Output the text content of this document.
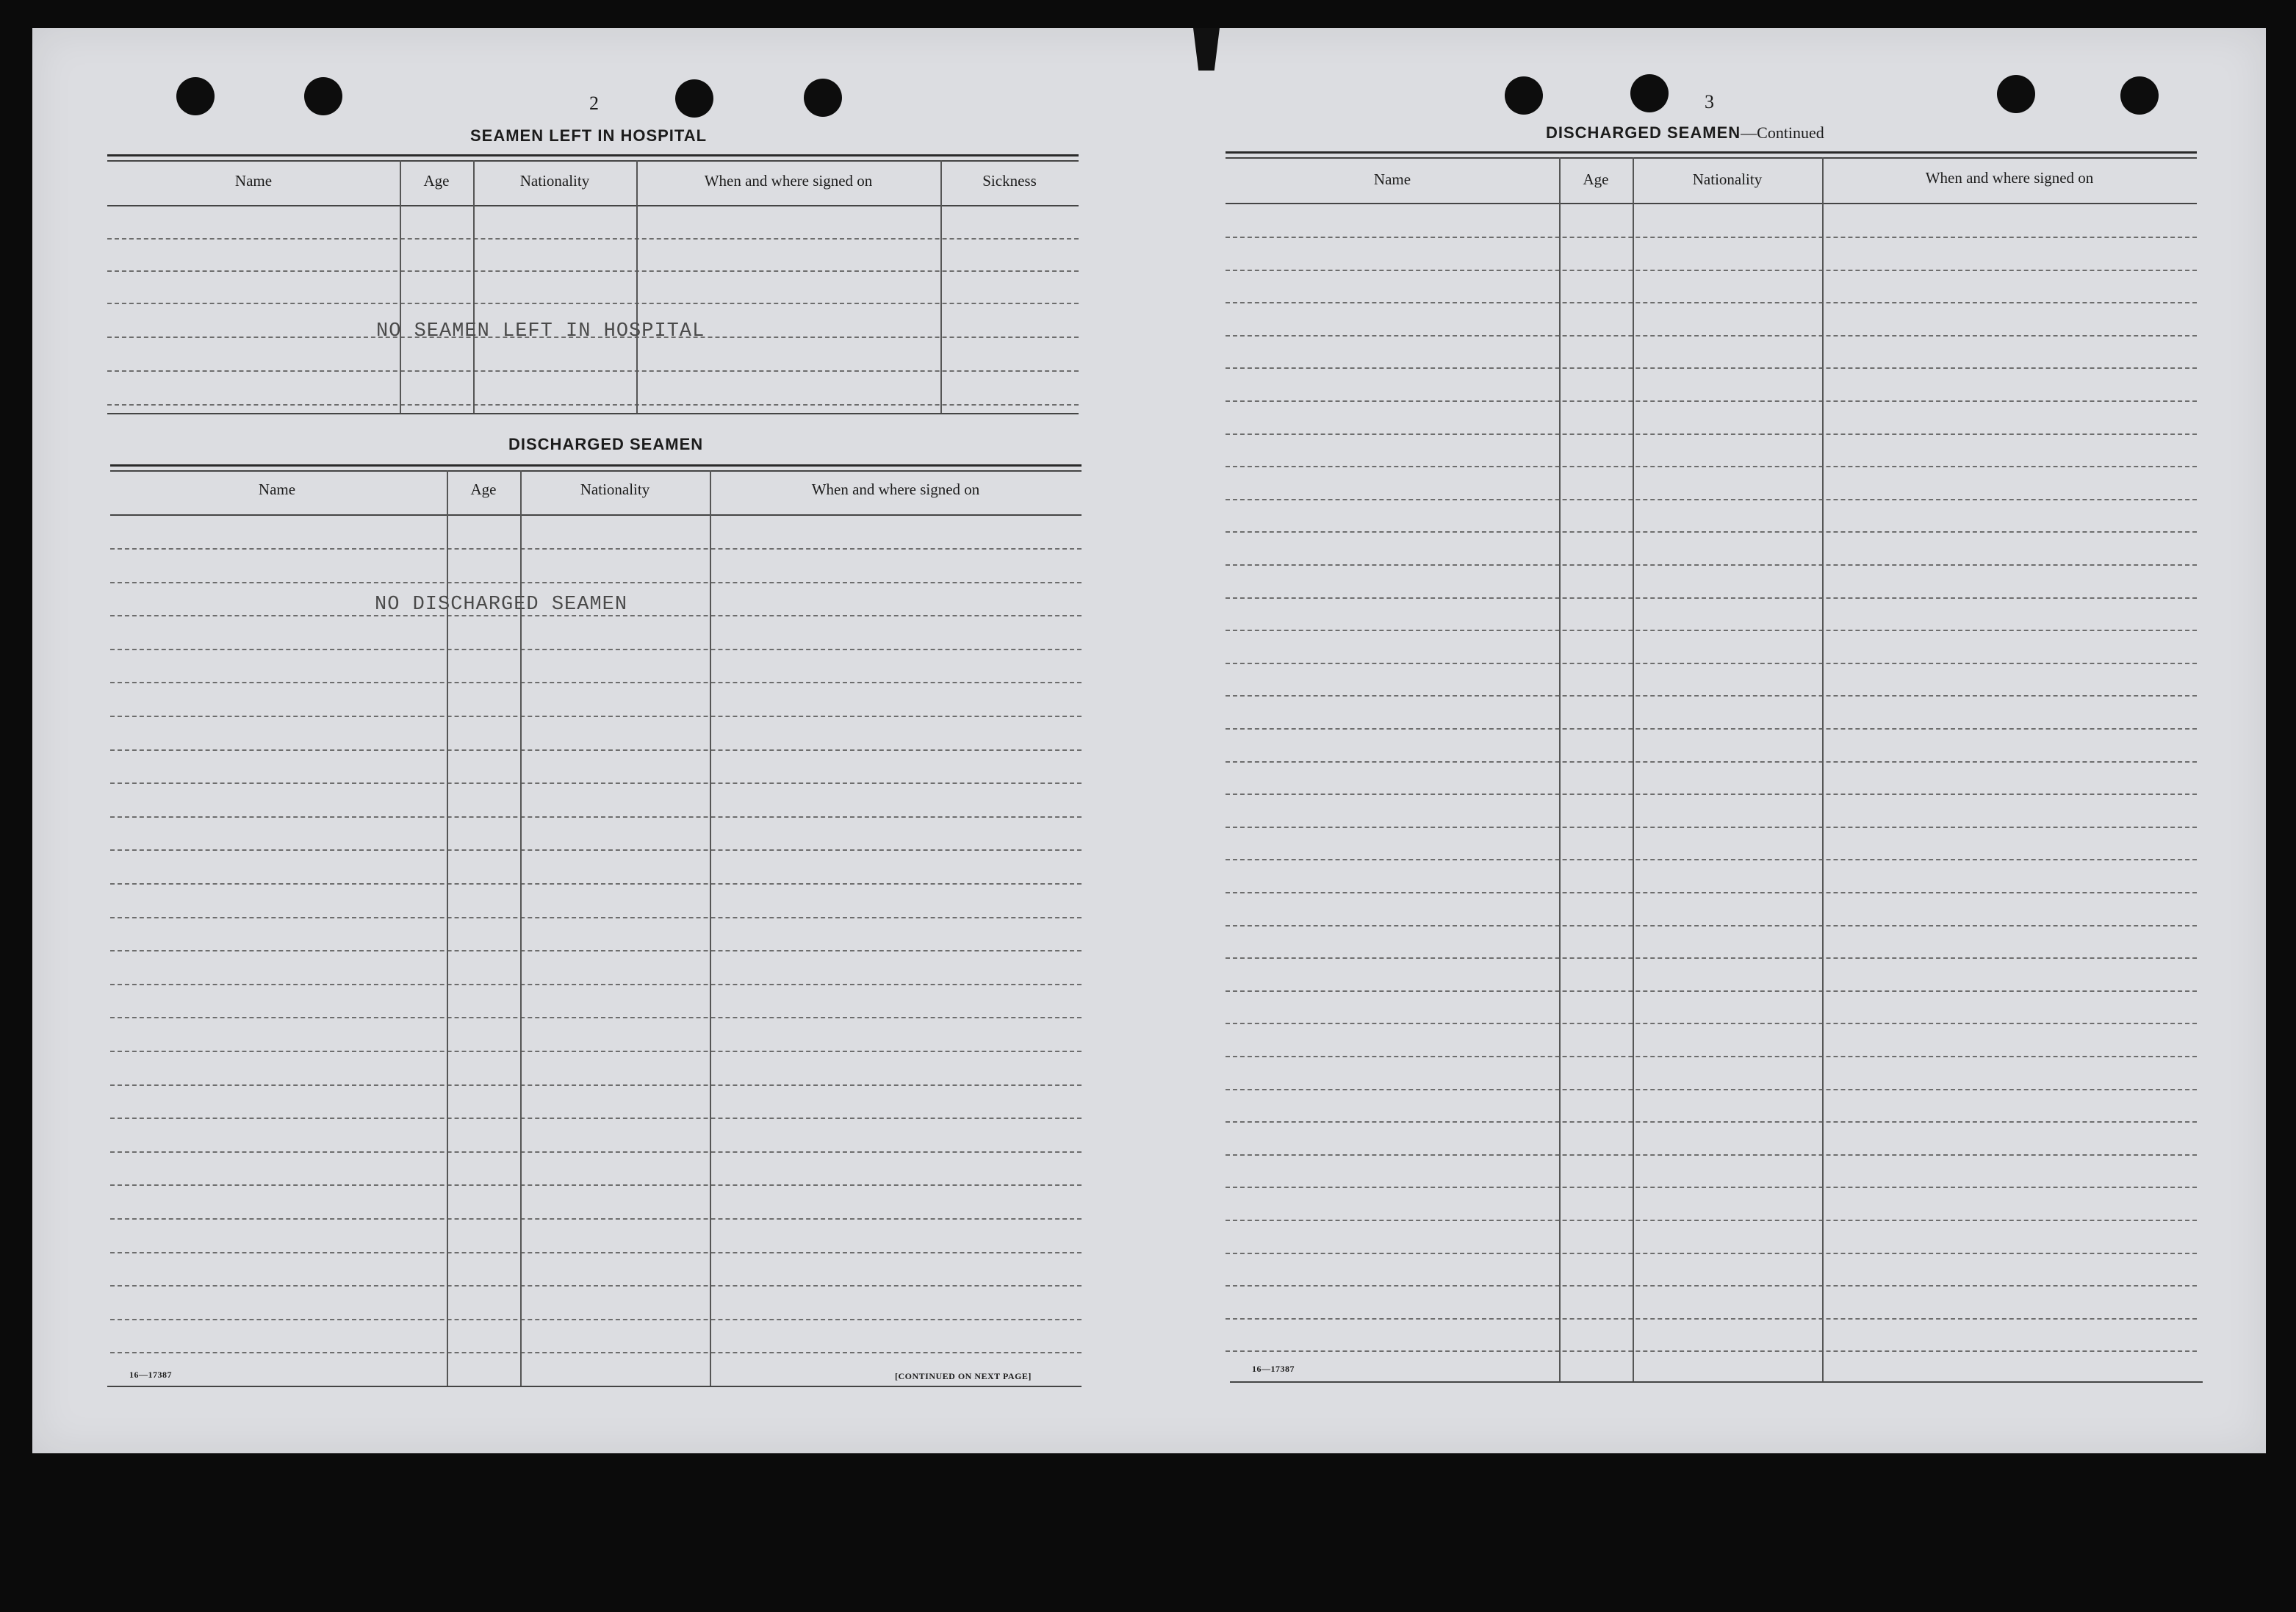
2
SEAMEN LEFT IN HOSPITAL
Name	Age	Nationality	When and where signed on	Sickness
NO SEAMEN LEFT IN HOSPITAL
DISCHARGED SEAMEN
Name	Age	Nationality	When and where signed on
NO DISCHARGED SEAMEN
16—17387	[CONTINUED ON NEXT PAGE]
3
DISCHARGED SEAMEN—Continued
Name	Age	Nationality	When and where signed on
16—17387
